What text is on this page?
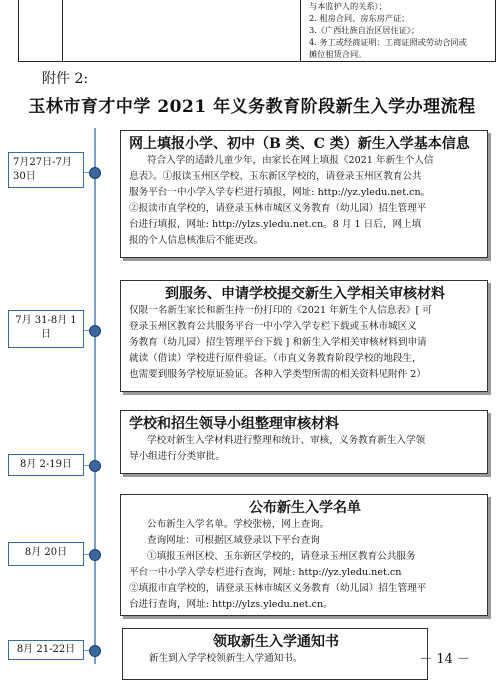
与本监护人的关系）；
2. 租房合同、房东房产证；
3.《广西壮族自治区居住证》；
4. 务工或经商证明：工商证照或劳动合同或
摊位租赁合同。
附件 2:
玉林市育才中学 2021 年义务教育阶段新生入学办理流程
7月27日-7月30日
网上填报小学、初中（B 类、C 类）新生入学基本信息

符合入学的适龄儿童少年，由家长在网上填报《2021 年新生个人信

息表》。①报读玉州区学校、玉东新区学校的，请登录玉州区教育公共

服务平台一中小学入学专栏进行填报，网址: http://yz.yledu.net.cn。

②报读市直学校的，请登录玉林市城区义务教育（幼儿园）招生管理平

台进行填报，网址: http://ylzs.yledu.net.cn。8 月 1 日后，网上填

报的个人信息核准后不能更改。

7月 31-8月 1日
到服务、申请学校提交新生入学相关审核材料

仅限一名新生家长和新生持一份打印的《2021 年新生个人信息表》[ 可

登录玉州区教育公共服务平台一中小学入学专栏下载或玉林市城区义

务教育（幼儿园）招生管理平台下载 ] 和新生入学相关审核材料到申请

就读（借读）学校进行原件验证。（市直义务教育阶段学校的地段生，

也需要到服务学校原证验证。各种入学类型所需的相关资料见附件 2）

8月 2-19日
学校和招生领导小组整理审核材料

学校对新生入学材料进行整理和统计、审核，义务教育新生入学领

导小组进行分类审批。

8月 20日
公布新生入学名单

公布新生入学名单。学校张榜，网上查询。

查询网址：可根据区域登录以下平台查询

①填报玉州区校、玉东新区学校的，请登录玉州区教育公共服务

平台一中小学入学专栏进行查询，网址: http://yz.yledu.net.cn

②填报市直学校的，请登录玉林市城区义务教育（幼儿园）招生管理平

台进行查询，网址: http://ylzs.yledu.net.cn。

8月 21-22日	领取新生入学通知书

新生到入学学校领新生入学通知书。	－ 14 －
